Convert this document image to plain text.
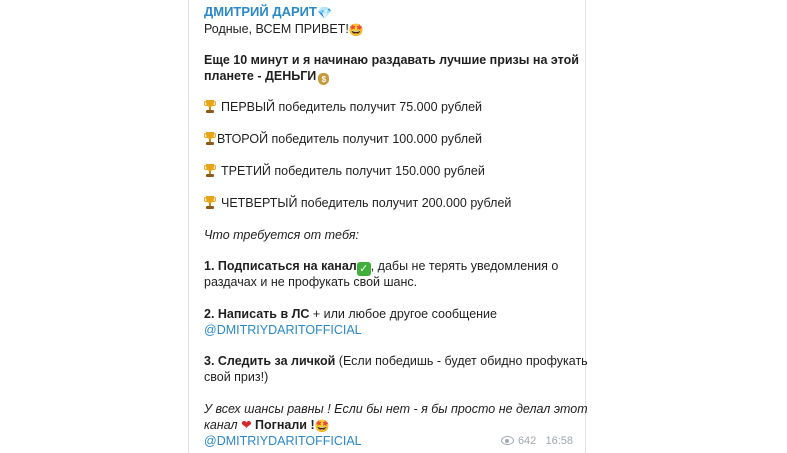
ДМИТРИЙ ДАРИТ💎
Родные, ВСЕМ ПРИВЕТ!🤩
Еще 10 минут и я начинаю раздавать лучшие призы на этой
планете - ДЕНЬГИ $
ПЕРВЫЙ победитель получит 75.000 рублей
ВТОРОЙ победитель получит 100.000 рублей
ТРЕТИЙ победитель получит 150.000 рублей
ЧЕТВЕРТЫЙ победитель получит 200.000 рублей
Что требуется от тебя:
1. Подписаться на канал ✓ , дабы не терять уведомления о
раздачах и не профукать свой шанс.
2. Написать в ЛС + или любое другое сообщение
@DMITRIYDARITOFFICIAL
3. Следить за личкой (Если победишь - будет обидно профукать
свой приз!)
У всех шансы равны ! Если бы нет - я бы просто не делал этот
канал ❤ Погнали !🤩
@DMITRIYDARITOFFICIAL	642 16:58
